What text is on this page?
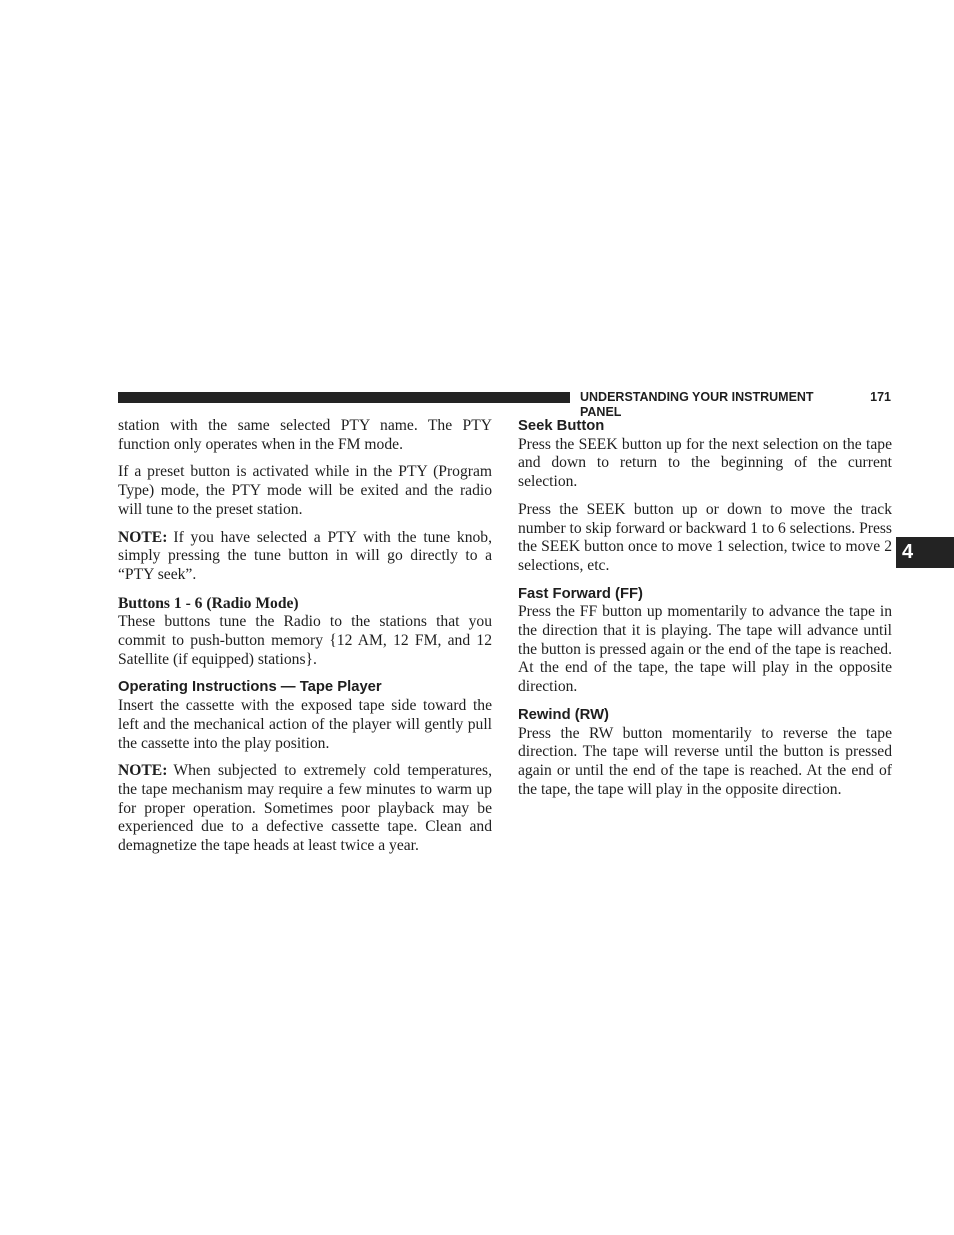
UNDERSTANDING YOUR INSTRUMENT PANEL
171
4

station with the same selected PTY name. The PTY function only operates when in the FM mode.

If a preset button is activated while in the PTY (Program Type) mode, the PTY mode will be exited and the radio will tune to the preset station.

NOTE: If you have selected a PTY with the tune knob, simply pressing the tune button in will go directly to a “PTY seek”.

Buttons 1 - 6 (Radio Mode)

These buttons tune the Radio to the stations that you commit to push-button memory {12 AM, 12 FM, and 12 Satellite (if equipped) stations}.

Operating Instructions — Tape Player

Insert the cassette with the exposed tape side toward the left and the mechanical action of the player will gently pull the cassette into the play position.

NOTE: When subjected to extremely cold temperatures, the tape mechanism may require a few minutes to warm up for proper operation. Sometimes poor playback may be experienced due to a defective cassette tape. Clean and demagnetize the tape heads at least twice a year.

Seek Button

Press the SEEK button up for the next selection on the tape and down to return to the beginning of the current selection.

Press the SEEK button up or down to move the track number to skip forward or backward 1 to 6 selections. Press the SEEK button once to move 1 selection, twice to move 2 selections, etc.

Fast Forward (FF)

Press the FF button up momentarily to advance the tape in the direction that it is playing. The tape will advance until the button is pressed again or the end of the tape is reached. At the end of the tape, the tape will play in the opposite direction.

Rewind (RW)

Press the RW button momentarily to reverse the tape direction. The tape will reverse until the button is pressed again or until the end of the tape is reached. At the end of the tape, the tape will play in the opposite direction.
